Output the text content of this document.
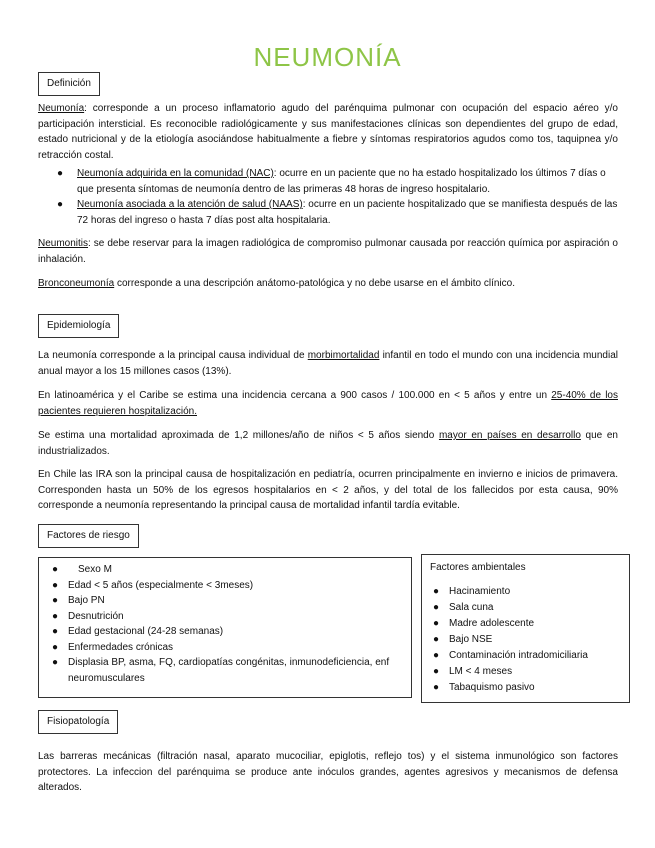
NEUMONÍA
Definición

Neumonía: corresponde a un proceso inflamatorio agudo del parénquima pulmonar con ocupación del espacio aéreo y/o participación intersticial. Es reconocible radiológicamente y sus manifestaciones clínicas son dependientes del grupo de edad, estado nutricional y de la etiología asociándose habitualmente a fiebre y síntomas respiratorios agudos como tos, taquipnea y/o retracción costal.

● Neumonía adquirida en la comunidad (NAC): ocurre en un paciente que no ha estado hospitalizado los últimos 7 días o que presenta síntomas de neumonía dentro de las primeras 48 horas de ingreso hospitalario.
● Neumonía asociada a la atención de salud (NAAS): ocurre en un paciente hospitalizado que se manifiesta después de las 72 horas del ingreso o hasta 7 días post alta hospitalaria.

Neumonitis: se debe reservar para la imagen radiológica de compromiso pulmonar causada por reacción química por aspiración o inhalación.

Bronconeumonía corresponde a una descripción anátomo-patológica y no debe usarse en el ámbito clínico.

Epidemiología

La neumonía corresponde a la principal causa individual de morbimortalidad infantil en todo el mundo con una incidencia mundial anual mayor a los 15 millones casos (13%).

En latinoamérica y el Caribe se estima una incidencia cercana a 900 casos / 100.000 en < 5 años y entre un 25-40% de los pacientes requieren hospitalización.

Se estima una mortalidad aproximada de 1,2 millones/año de niños < 5 años siendo mayor en países en desarrollo que en industrializados.

En Chile las IRA son la principal causa de hospitalización en pediatría, ocurren principalmente en invierno e inicios de primavera. Corresponden hasta un 50% de los egresos hospitalarios en < 2 años, y del total de los fallecidos por esta causa, 90% corresponde a neumonía representando la principal causa de mortalidad infantil tardía evitable.

Factores de riesgo
● Sexo M
● Edad < 5 años (especialmente < 3meses)
● Bajo PN
● Desnutrición
● Edad gestacional (24-28 semanas)
● Enfermedades crónicas
● Displasia BP, asma, FQ, cardiopatías congénitas, inmunodeficiencia, enf neuromusculares
Factores ambientales
● Hacinamiento
● Sala cuna
● Madre adolescente
● Bajo NSE
● Contaminación intradomiciliaria
● LM < 4 meses
● Tabaquismo pasivo
Fisiopatología

Las barreras mecánicas (filtración nasal, aparato mucociliar, epiglotis, reflejo tos) y el sistema inmunológico son factores protectores. La infeccion del parénquima se produce ante inóculos grandes, agentes agresivos y mecanismos de defensa alterados.
